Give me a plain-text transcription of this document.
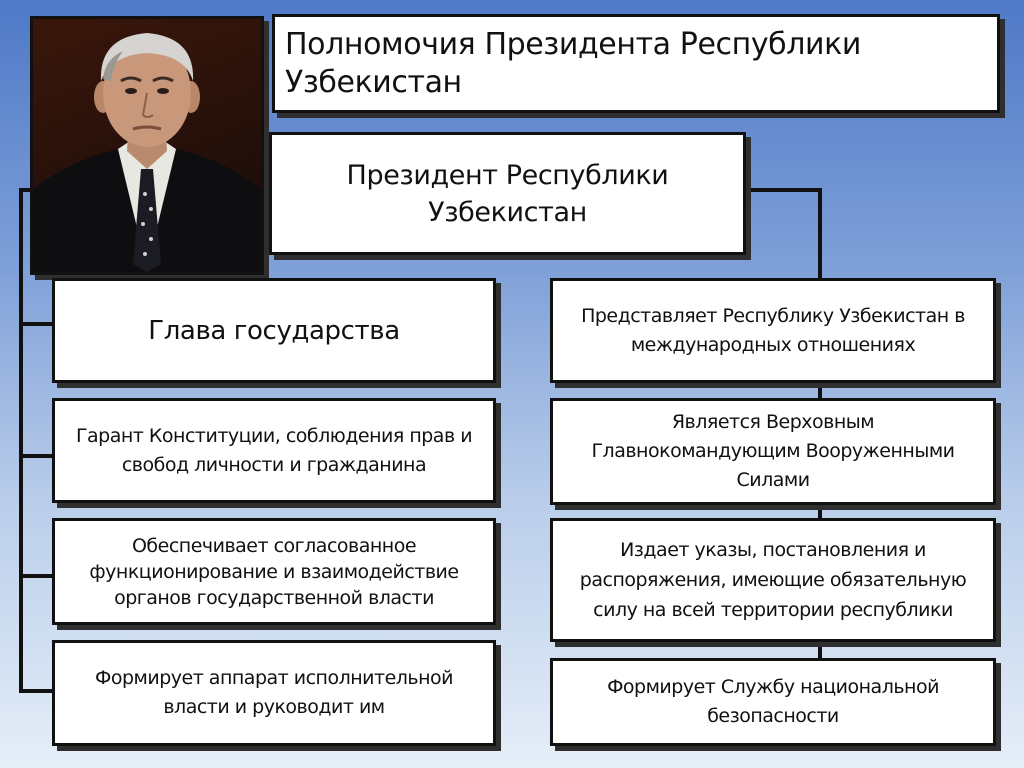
Полномочия Президента Республики Узбекистан
Президент Республики Узбекистан
Глава государства
Гарант Конституции, соблюдения прав и свобод личности и гражданина
Обеспечивает согласованное функционирование и взаимодействие органов государственной власти
Формирует аппарат исполнительной власти и руководит им
Представляет Республику Узбекистан в международных отношениях
Является Верховным Главнокомандующим Вооруженными Силами
Издает указы, постановления и распоряжения, имеющие обязательную силу на всей территории республики
Формирует Службу национальной безопасности
